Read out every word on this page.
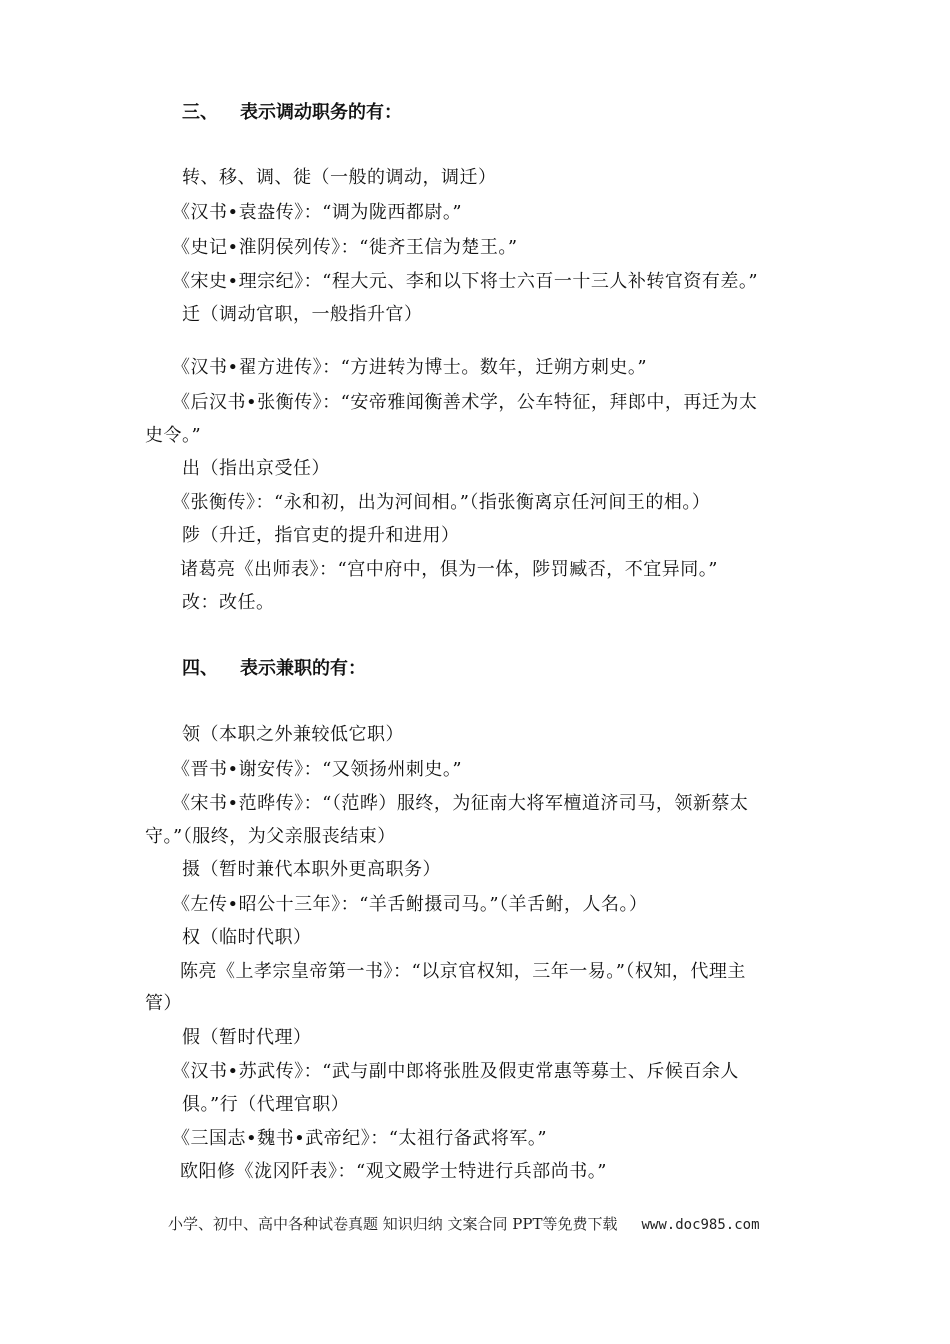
三、 表示调动职务的有：
转、移、调、徙（一般的调动，调迁）
《汉书•袁盎传》：“调为陇西都尉。”
《史记•淮阴侯列传》：“徙齐王信为楚王。”
《宋史•理宗纪》：“程大元、李和以下将士六百一十三人补转官资有差。”
迁（调动官职，一般指升官）
《汉书•翟方进传》：“方进转为博士。数年，迁朔方刺史。”
《后汉书•张衡传》：“安帝雅闻衡善术学，公车特征，拜郎中，再迁为太
史令。”
出（指出京受任）
《张衡传》：“永和初，出为河间相。”（指张衡离京任河间王的相。）
陟（升迁，指官吏的提升和进用）
诸葛亮《出师表》：“宫中府中，俱为一体，陟罚臧否，不宜异同。”
改：改任。
四、 表示兼职的有：
领（本职之外兼较低它职）
《晋书•谢安传》：“又领扬州刺史。”
《宋书•范晔传》：“（范晔）服终，为征南大将军檀道济司马，领新蔡太
守。”（服终，为父亲服丧结束）
摄（暂时兼代本职外更高职务）
《左传•昭公十三年》：“羊舌鲋摄司马。”（羊舌鲋，人名。）
权（临时代职）
陈亮《上孝宗皇帝第一书》：“以京官权知，三年一易。”（权知，代理主
管）
假（暂时代理）
《汉书•苏武传》：“武与副中郎将张胜及假吏常惠等募士、斥候百余人
俱。”行（代理官职）
《三国志•魏书•武帝纪》：“太祖行备武将军。”
欧阳修《泷冈阡表》：“观文殿学士特进行兵部尚书。”
小学、初中、高中各种试卷真题 知识归纳 文案合同 PPT等免费下载 www.doc985.com
